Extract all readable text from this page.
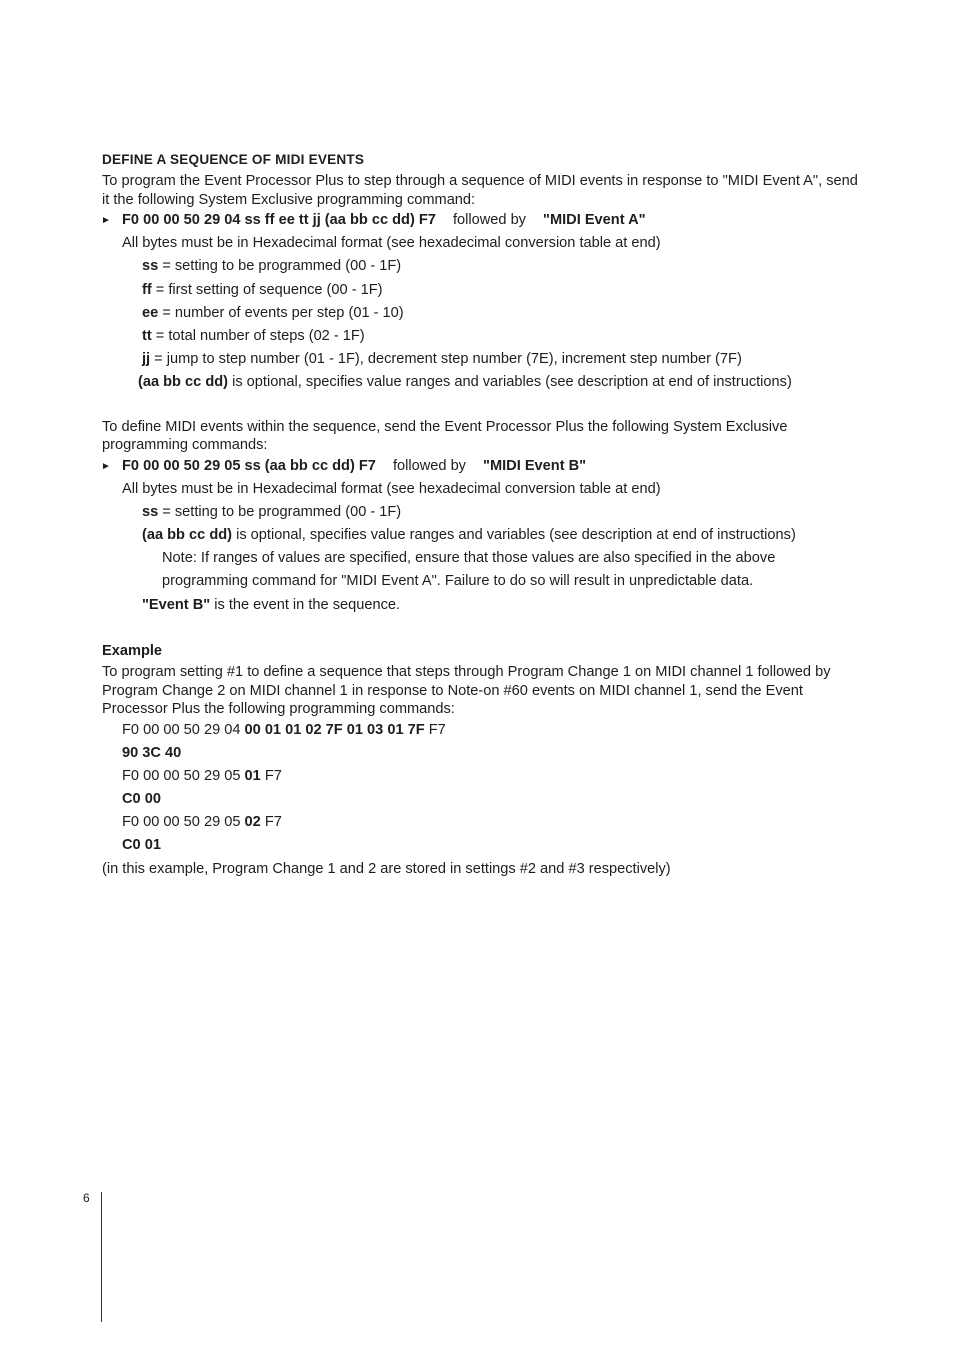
DEFINE A SEQUENCE OF MIDI EVENTS

To program the Event Processor Plus to step through a sequence of MIDI events in response to "MIDI Event A", send it the following System Exclusive programming command:

► F0 00 00 50 29 04 ss ff ee tt jj (aa bb cc dd) F7 followed by "MIDI Event A"
All bytes must be in Hexadecimal format (see hexadecimal conversion table at end)
ss = setting to be programmed (00 - 1F)
ff = first setting of sequence (00 - 1F)
ee = number of events per step (01 - 10)
tt = total number of steps (02 - 1F)
jj = jump to step number (01 - 1F), decrement step number (7E), increment step number (7F)
(aa bb cc dd) is optional, specifies value ranges and variables (see description at end of instructions)

To define MIDI events within the sequence, send the Event Processor Plus the following System Exclusive programming commands:

► F0 00 00 50 29 05 ss (aa bb cc dd) F7 followed by "MIDI Event B"
All bytes must be in Hexadecimal format (see hexadecimal conversion table at end)
ss = setting to be programmed (00 - 1F)
(aa bb cc dd) is optional, specifies value ranges and variables (see description at end of instructions)
Note: If ranges of values are specified, ensure that those values are also specified in the above
programming command for "MIDI Event A". Failure to do so will result in unpredictable data.
"Event B" is the event in the sequence.
Example

To program setting #1 to define a sequence that steps through Program Change 1 on MIDI channel 1 followed by Program Change 2 on MIDI channel 1 in response to Note-on #60 events on MIDI channel 1, send the Event Processor Plus the following programming commands:

F0 00 00 50 29 04 00 01 01 02 7F 01 03 01 7F F7
90 3C 40
F0 00 00 50 29 05 01 F7
C0 00
F0 00 00 50 29 05 02 F7
C0 01
(in this example, Program Change 1 and 2 are stored in settings #2 and #3 respectively)
6
